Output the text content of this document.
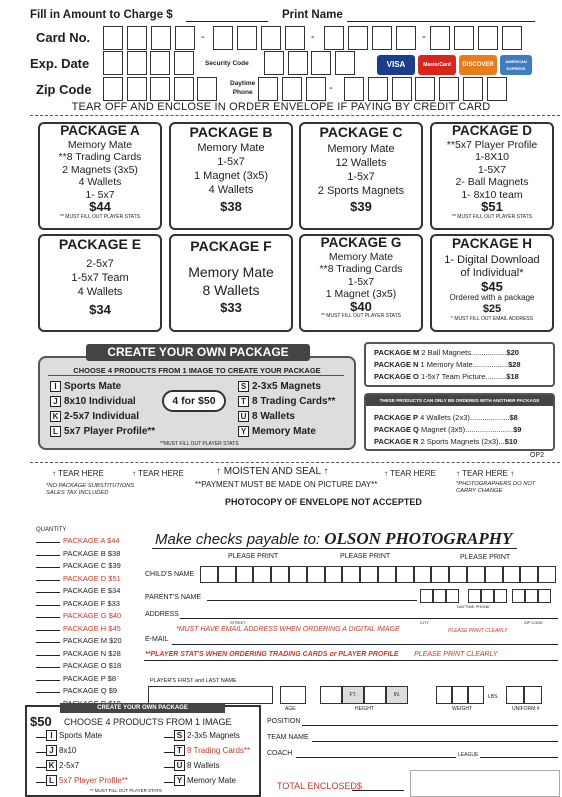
Fill in Amount to Charge $	Print Name
Card No.	-	-	-
Exp. Date	Security Code	VISA	MasterCard	DISCOVER
AMERICAN EXPRESS
Zip Code	Daytime
Phone	-
TEAR OFF AND ENCLOSE IN ORDER ENVELOPE IF PAYING BY CREDIT CARD
PACKAGE A
Memory Mate
**8 Trading Cards
2 Magnets (3x5)
4 Wallets
1- 5x7
$44
** MUST FILL OUT PLAYER STATS
PACKAGE B
Memory Mate
1-5x7
1 Magnet (3x5)
4 Wallets
$38
PACKAGE C
Memory Mate
12 Wallets
1-5x7
2 Sports Magnets
$39
PACKAGE D
**5x7 Player Profile
1-8X10
1-5X7
2- Ball Magnets
1- 8x10 team
$51
** MUST FILL OUT PLAYER STATS
PACKAGE E
2-5x7
1-5x7 Team
4 Wallets
$34
PACKAGE F
Memory Mate
8 Wallets
$33
PACKAGE G
Memory Mate
**8 Trading Cards
1-5x7
1 Magnet (3x5)
$40
** MUST FILL OUT PLAYER STATS
PACKAGE H
1- Digital Download
of Individual*
$45
Ordered with a package
$25
* MUST FILL OUT EMAIL ADDRESS
CREATE YOUR OWN PACKAGE
CHOOSE 4 PRODUCTS FROM 1 IMAGE TO CREATE YOUR PACKAGE
I Sports Mate
J 8x10 Individual
K 2-5x7 Individual
L 5x7 Player Profile**
S 2-3x5 Magnets
T 8 Trading Cards**
U 8 Wallets
Y Memory Mate
4 for $50
**MUST FILL OUT PLAYER STATS
PACKAGE M 2 Ball Magnets.................$20
PACKAGE N 1 Memory Mate.................$28
PACKAGE O 1-5x7 Team Picture..........$18
THESE PRODUCTS CAN ONLY BE ORDERED WITH ANOTHER PACKAGE
PACKAGE P 4 Wallets (2x3)...................$8
PACKAGE Q Magnet (3x5).......................$9
PACKAGE R 2 Sports Magnets (2x3)...$10
OP2
↑ TEAR HERE	↑ TEAR HERE	↑ MOISTEN AND SEAL ↑	↑ TEAR HERE	↑ TEAR HERE ↑
*NO PACKAGE SUBSTITUTIONS
SALES TAX INCLUDED
**PAYMENT MUST BE MADE ON PICTURE DAY**	*PHOTOGRAPHERS DO NOT
CARRY CHANGE
PHOTOCOPY OF ENVELOPE NOT ACCEPTED
QUANTITY
PACKAGE A $44
PACKAGE B $38
PACKAGE C $39
PACKAGE D $51
PACKAGE E $34
PACKAGE F $33
PACKAGE G $40
PACKAGE H $45
PACKAGE M $20
PACKAGE N $28
PACKAGE O $18
PACKAGE P $8
PACKAGE Q $9
Make checks payable to: OLSON PHOTOGRAPHY
PLEASE PRINT	PLEASE PRINT	PLEASE PRINT
CHILD'S NAME
PARENT'S NAME
DAYTIME PHONE
ADDRESS
STREET	CITY	ZIP CODE
*MUST HAVE EMAIL ADDRESS WHEN ORDERING A DIGITAL IMAGE	PLEASE PRINT CLEARLY
E-MAIL
**PLAYER STAT'S WHEN ORDERING TRADING CARDS or PLAYER PROFILE PLEASE PRINT CLEARLY
PLAYER'S FIRST and LAST NAME
AGE
FT.	IN.
HEIGHT
LBS.
WEIGHT	UNIFORM #
POSITION
TEAM NAME
COACH	LEAGUE
TOTAL ENCLOSED$
CREATE YOUR OWN PACKAGE
$50 CHOOSE 4 PRODUCTS FROM 1 IMAGE
I Sports Mate
J 8x10
K 2-5x7
L 5x7 Player Profile**
S 2-3x5 Magnets
T 8 Trading Cards**
U 8 Wallets
Y Memory Mate
** MUST FILL OUT PLAYER STATS
